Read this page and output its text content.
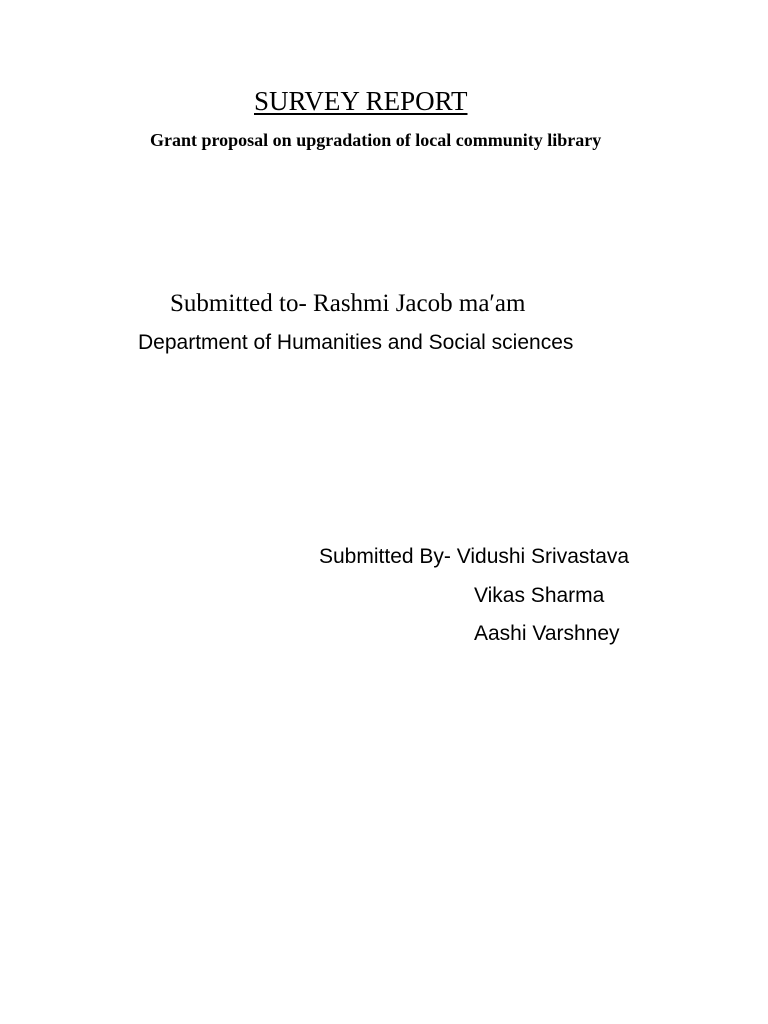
SURVEY REPORT
Grant proposal on upgradation of local community library
Submitted to- Rashmi Jacob ma′am
Department of Humanities and Social sciences
Submitted By- Vidushi Srivastava
Vikas Sharma
Aashi Varshney
